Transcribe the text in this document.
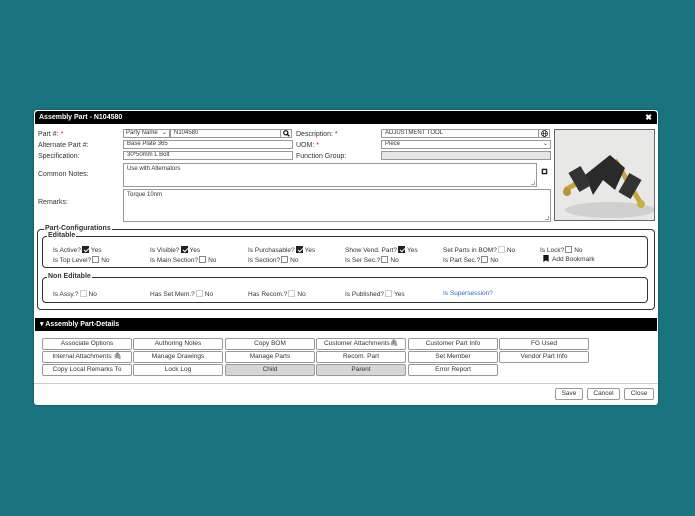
Assembly Part - N104580	✖
Part #: *	Party Name ⌄	N104580
Alternate Part #:	Base Plate 365
Specification:	30*50mm L Bolt
Description: *	ADJUSTMENT TOOL
UOM: *	Piece	⌄
Function Group:
Common Notes:
Use with Alternators
Remarks:
Torque 10nm
Part-Configurations
Editable
Is Active? Yes	Is Visible? Yes	Is Purchasable? Yes	Show Vend. Part? Yes	Set Parts in BOM? No	Is Lock? No
Is Top Level? No	Is Main Section? No	Is Section? No	Is Ser Sec.? No	Is Part Sec.? No	Add Bookmark
Non Editable
Is Assy.? No	Has Set Mem.? No	Has Recom.? No	Is Published? Yes	Is Supersession?
▾ Assembly Part-Details
Associate Options	Authoring Notes	Copy BOM	Customer Attachments🖇	Customer Part Info	FG Used
Internal Attachments 🖇	Manage Drawings	Manage Parts	Recom. Part	Set Member	Vendor Part Info
Copy Local Remarks To	Lock Log	Child	Parent	Error Report
Save	Cancel	Close
